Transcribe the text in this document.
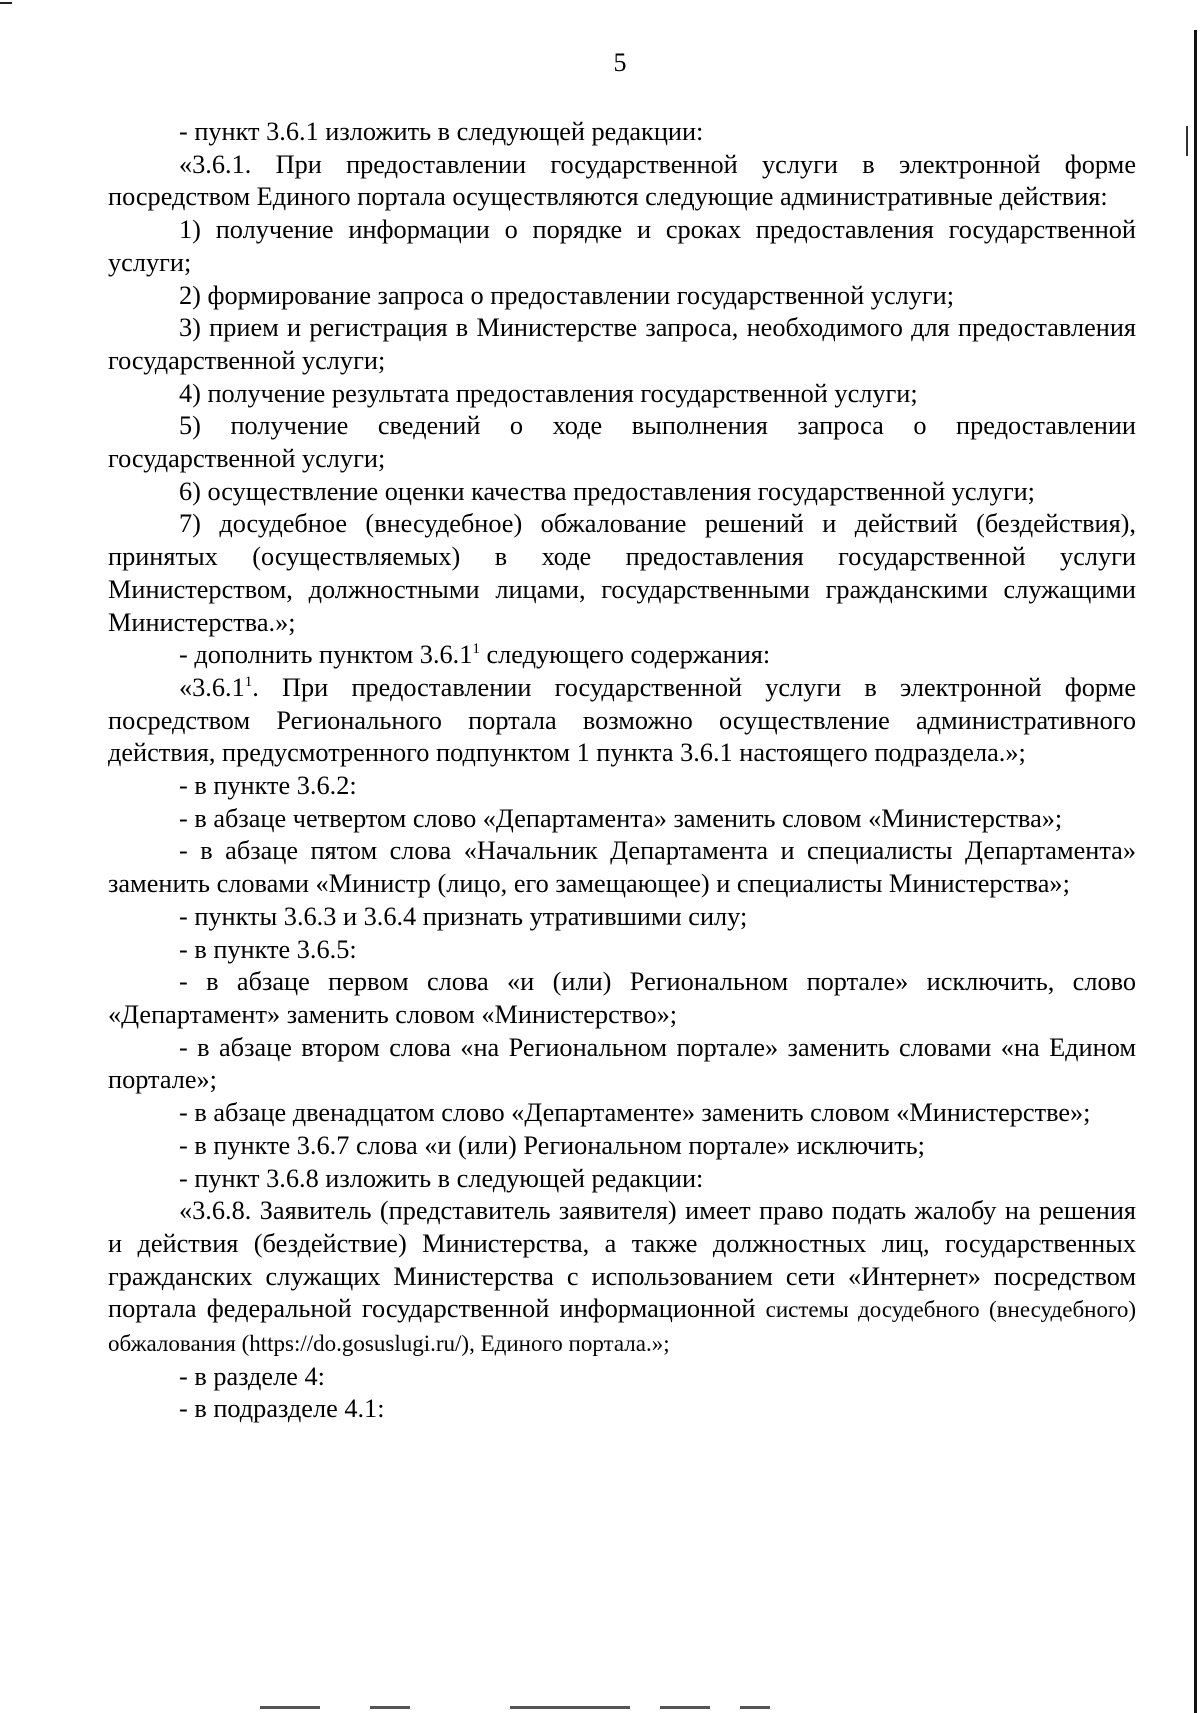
5

- пункт 3.6.1 изложить в следующей редакции:

«3.6.1. При предоставлении государственной услуги в электронной форме посредством Единого портала осуществляются следующие административные действия:

1) получение информации о порядке и сроках предоставления государственной услуги;

2) формирование запроса о предоставлении государственной услуги;

3) прием и регистрация в Министерстве запроса, необходимого для предоставления государственной услуги;

4) получение результата предоставления государственной услуги;

5) получение сведений о ходе выполнения запроса о предоставлении государственной услуги;

6) осуществление оценки качества предоставления государственной услуги;

7) досудебное (внесудебное) обжалование решений и действий (бездействия), принятых (осуществляемых) в ходе предоставления государственной услуги Министерством, должностными лицами, государственными гражданскими служащими Министерства.»;

- дополнить пунктом 3.6.1$^1$ следующего содержания:

«3.6.1$^1$. При предоставлении государственной услуги в электронной форме посредством Регионального портала возможно осуществление административного действия, предусмотренного подпунктом 1 пункта 3.6.1 настоящего подраздела.»;

- в пункте 3.6.2:

- в абзаце четвертом слово «Департамента» заменить словом «Министерства»;

- в абзаце пятом слова «Начальник Департамента и специалисты Департамента» заменить словами «Министр (лицо, его замещающее) и специалисты Министерства»;

- пункты 3.6.3 и 3.6.4 признать утратившими силу;

- в пункте 3.6.5:

- в абзаце первом слова «и (или) Региональном портале» исключить, слово «Департамент» заменить словом «Министерство»;

- в абзаце втором слова «на Региональном портале» заменить словами «на Едином портале»;

- в абзаце двенадцатом слово «Департаменте» заменить словом «Министерстве»;

- в пункте 3.6.7 слова «и (или) Региональном портале» исключить;

- пункт 3.6.8 изложить в следующей редакции:

«3.6.8. Заявитель (представитель заявителя) имеет право подать жалобу на решения и действия (бездействие) Министерства, а также должностных лиц, государственных гражданских служащих Министерства с использованием сети «Интернет» посредством портала федеральной государственной информационной системы досудебного (внесудебного) обжалования (https://do.gosuslugi.ru/), Единого портала.»;

- в разделе 4:

- в подразделе 4.1:
